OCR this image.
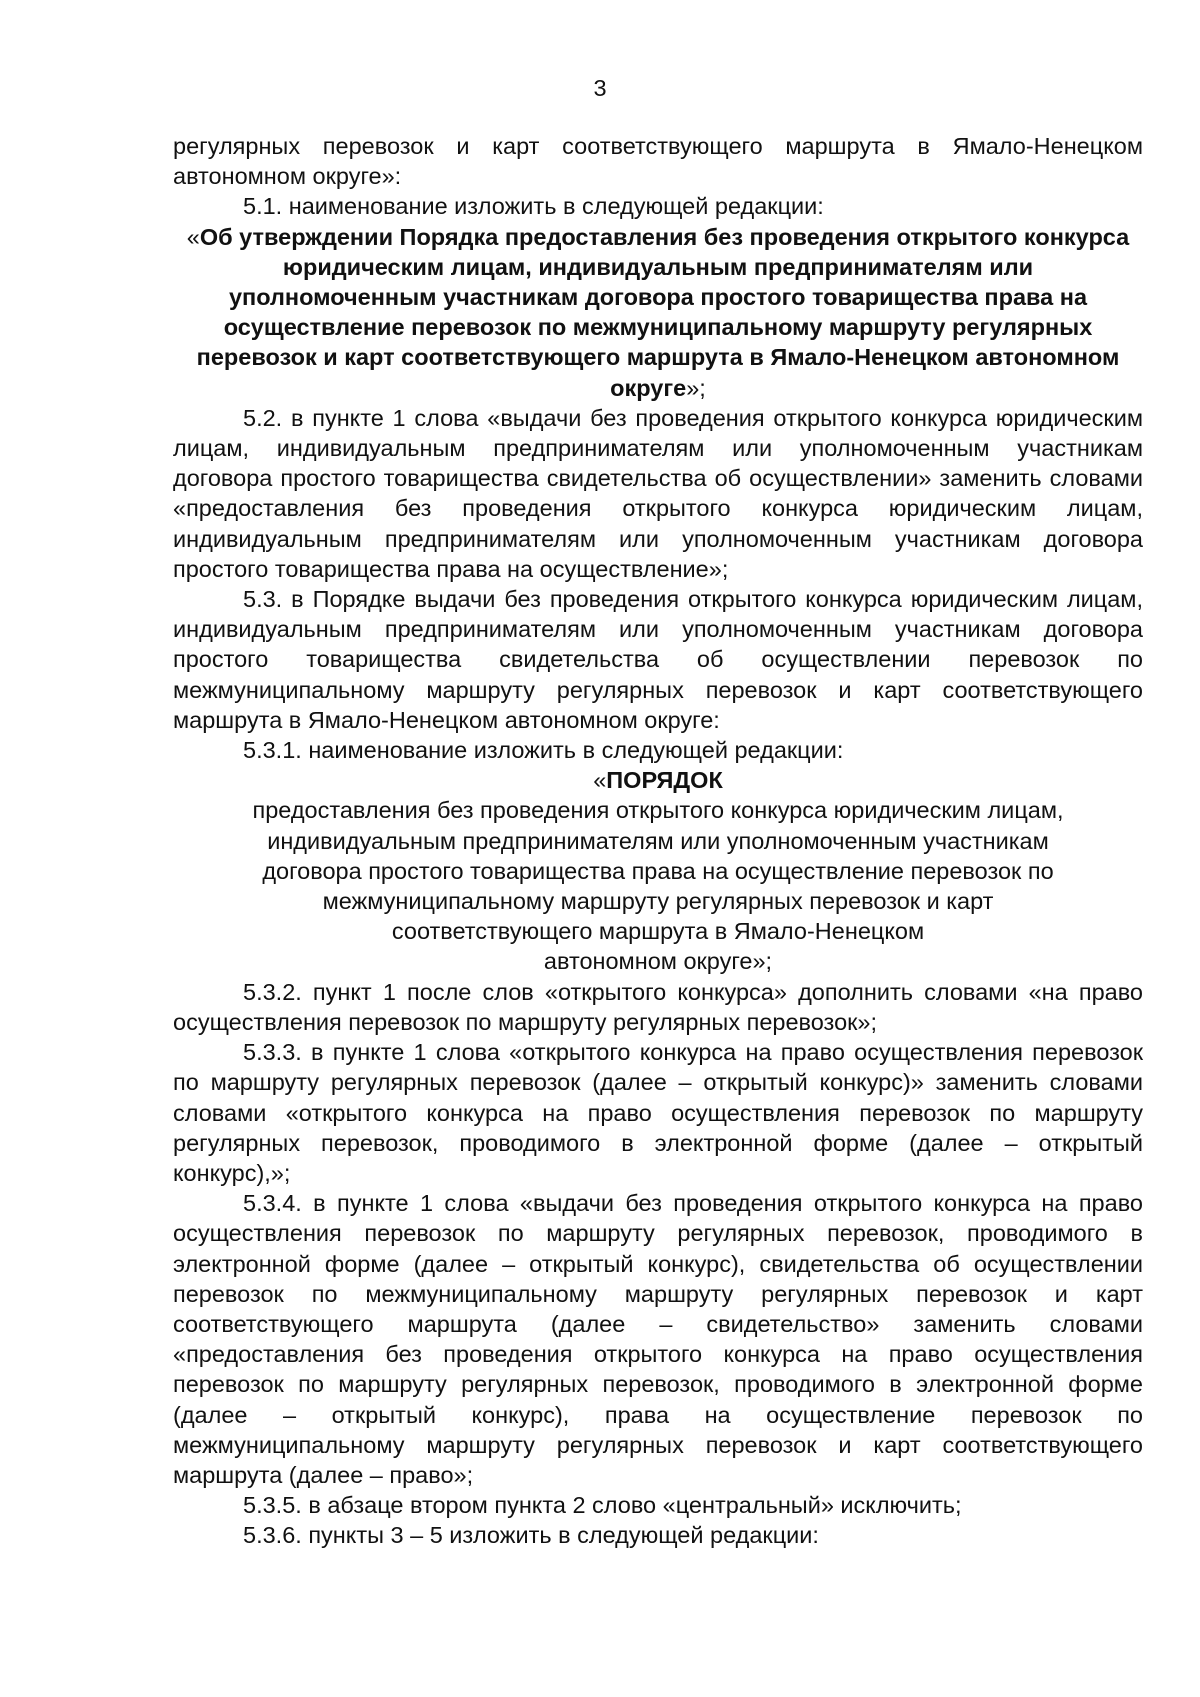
3

регулярных перевозок и карт соответствующего маршрута в Ямало-Ненецком автономном округе»:

5.1. наименование изложить в следующей редакции:

«Об утверждении Порядка предоставления без проведения открытого конкурса юридическим лицам, индивидуальным предпринимателям или уполномоченным участникам договора простого товарищества права на осуществление перевозок по межмуниципальному маршруту регулярных перевозок и карт соответствующего маршрута в Ямало-Ненецком автономном округе»;

5.2. в пункте 1 слова «выдачи без проведения открытого конкурса юридическим лицам, индивидуальным предпринимателям или уполномоченным участникам договора простого товарищества свидетельства об осуществлении» заменить словами «предоставления без проведения открытого конкурса юридическим лицам, индивидуальным предпринимателям или уполномоченным участникам договора простого товарищества права на осуществление»;

5.3. в Порядке выдачи без проведения открытого конкурса юридическим лицам, индивидуальным предпринимателям или уполномоченным участникам договора простого товарищества свидетельства об осуществлении перевозок по межмуниципальному маршруту регулярных перевозок и карт соответствующего маршрута в Ямало-Ненецком автономном округе:

5.3.1. наименование изложить в следующей редакции:

«ПОРЯДОК

предоставления без проведения открытого конкурса юридическим лицам, индивидуальным предпринимателям или уполномоченным участникам договора простого товарищества права на осуществление перевозок по межмуниципальному маршруту регулярных перевозок и карт соответствующего маршрута в Ямало-Ненецком

автономном округе»;

5.3.2. пункт 1 после слов «открытого конкурса» дополнить словами «на право осуществления перевозок по маршруту регулярных перевозок»;

5.3.3. в пункте 1 слова «открытого конкурса на право осуществления перевозок по маршруту регулярных перевозок (далее – открытый конкурс)» заменить словами словами «открытого конкурса на право осуществления перевозок по маршруту регулярных перевозок, проводимого в электронной форме (далее – открытый конкурс),»;

5.3.4. в пункте 1 слова «выдачи без проведения открытого конкурса на право осуществления перевозок по маршруту регулярных перевозок, проводимого в электронной форме (далее – открытый конкурс), свидетельства об осуществлении перевозок по межмуниципальному маршруту регулярных перевозок и карт соответствующего маршрута (далее – свидетельство» заменить словами «предоставления без проведения открытого конкурса на право осуществления перевозок по маршруту регулярных перевозок, проводимого в электронной форме (далее – открытый конкурс), права на осуществление перевозок по межмуниципальному маршруту регулярных перевозок и карт соответствующего маршрута (далее – право»;

5.3.5. в абзаце втором пункта 2 слово «центральный» исключить;

5.3.6. пункты 3 – 5 изложить в следующей редакции:
